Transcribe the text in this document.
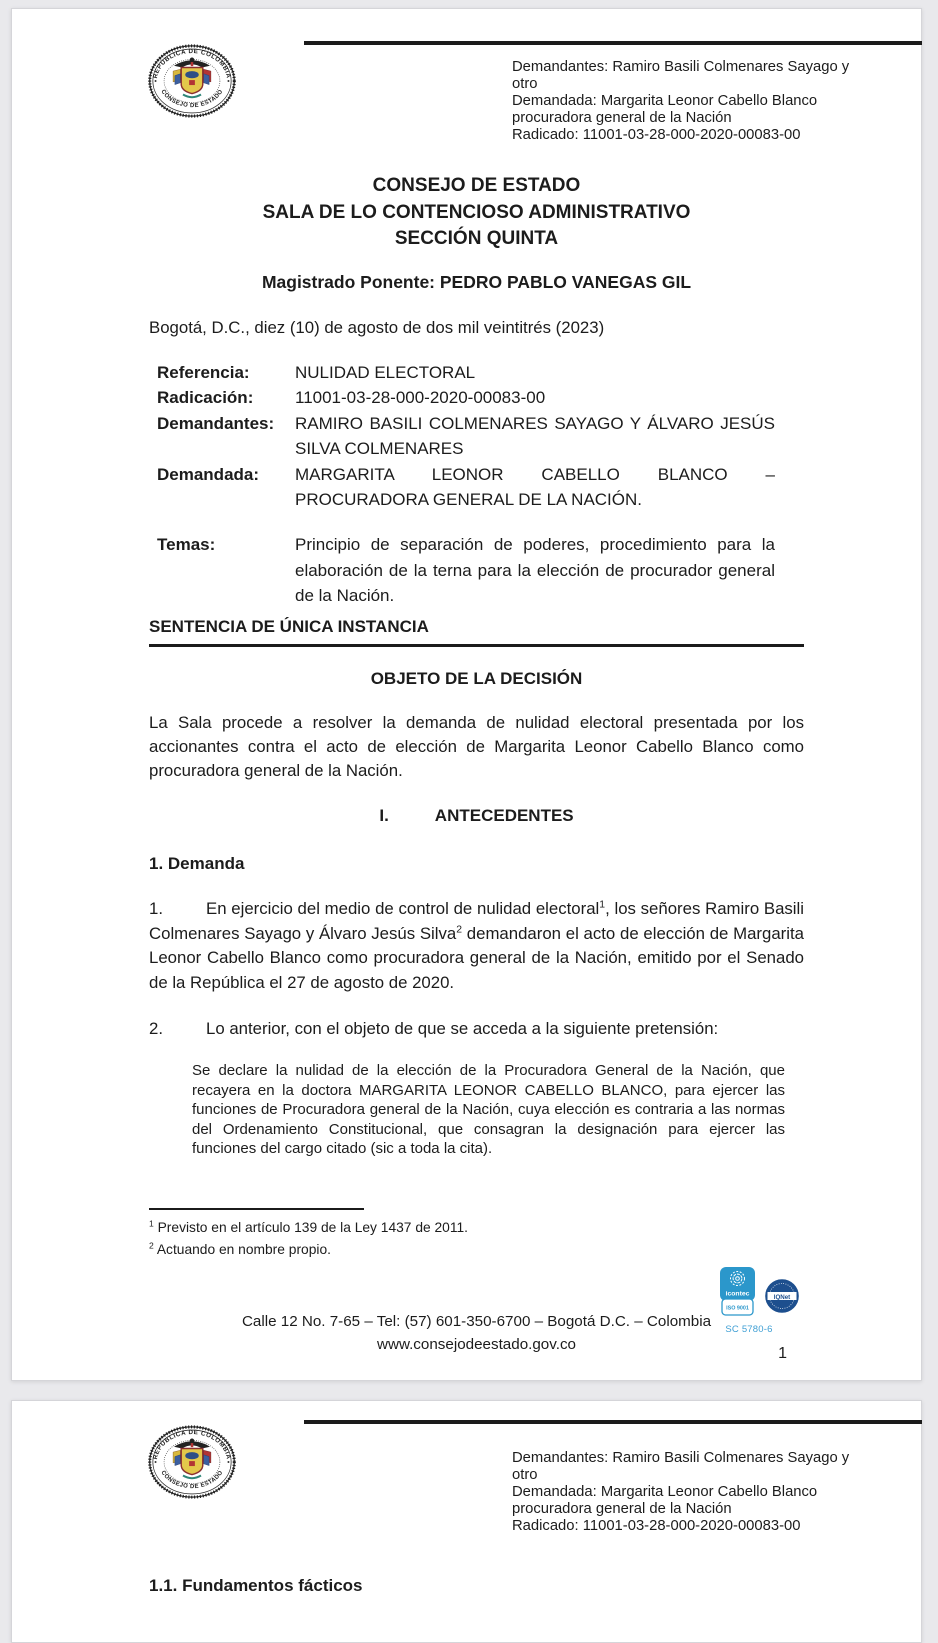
REPÚBLICA DE COLOMBIA
CONSEJO DE ESTADO
Demandantes: Ramiro Basili Colmenares Sayago y
otro
Demandada: Margarita Leonor Cabello Blanco
procuradora general de la Nación
Radicado: 11001-03-28-000-2020-00083-00
CONSEJO DE ESTADO
SALA DE LO CONTENCIOSO ADMINISTRATIVO
SECCIÓN QUINTA
Magistrado Ponente: PEDRO PABLO VANEGAS GIL
Bogotá, D.C., diez (10) de agosto de dos mil veintitrés (2023)
Referencia:	NULIDAD ELECTORAL
Radicación:	11001-03-28-000-2020-00083-00
Demandantes:	RAMIRO BASILI COLMENARES SAYAGO Y ÁLVARO JESÚS SILVA COLMENARES
Demandada:	MARGARITA LEONOR CABELLO BLANCO – PROCURADORA GENERAL DE LA NACIÓN.
Temas:	Principio de separación de poderes, procedimiento para la elaboración de la terna para la elección de procurador general de la Nación.
SENTENCIA DE ÚNICA INSTANCIA
OBJETO DE LA DECISIÓN
La Sala procede a resolver la demanda de nulidad electoral presentada por los accionantes contra el acto de elección de Margarita Leonor Cabello Blanco como procuradora general de la Nación.
I.	ANTECEDENTES
1. Demanda
1.	En ejercicio del medio de control de nulidad electoral$^1$, los señores Ramiro Basili Colmenares Sayago y Álvaro Jesús Silva$^2$ demandaron el acto de elección de Margarita Leonor Cabello Blanco como procuradora general de la Nación, emitido por el Senado de la República el 27 de agosto de 2020.
2.	Lo anterior, con el objeto de que se acceda a la siguiente pretensión:
Se declare la nulidad de la elección de la Procuradora General de la Nación, que recayera en la doctora MARGARITA LEONOR CABELLO BLANCO, para ejercer las funciones de Procuradora general de la Nación, cuya elección es contraria a las normas del Ordenamiento Constitucional, que consagran la designación para ejercer las funciones del cargo citado (sic a toda la cita).
$^1$ Previsto en el artículo 139 de la Ley 1437 de 2011.
$^2$ Actuando en nombre propio.
icontec
ISO 9001
SC 5780-6
IQNet
Calle 12 No. 7-65 – Tel: (57) 601-350-6700 – Bogotá D.C. – Colombia
www.consejodeestado.gov.co
1
REPÚBLICA DE COLOMBIA
CONSEJO DE ESTADO
Demandantes: Ramiro Basili Colmenares Sayago y
otro
Demandada: Margarita Leonor Cabello Blanco
procuradora general de la Nación
Radicado: 11001-03-28-000-2020-00083-00
1.1. Fundamentos fácticos
